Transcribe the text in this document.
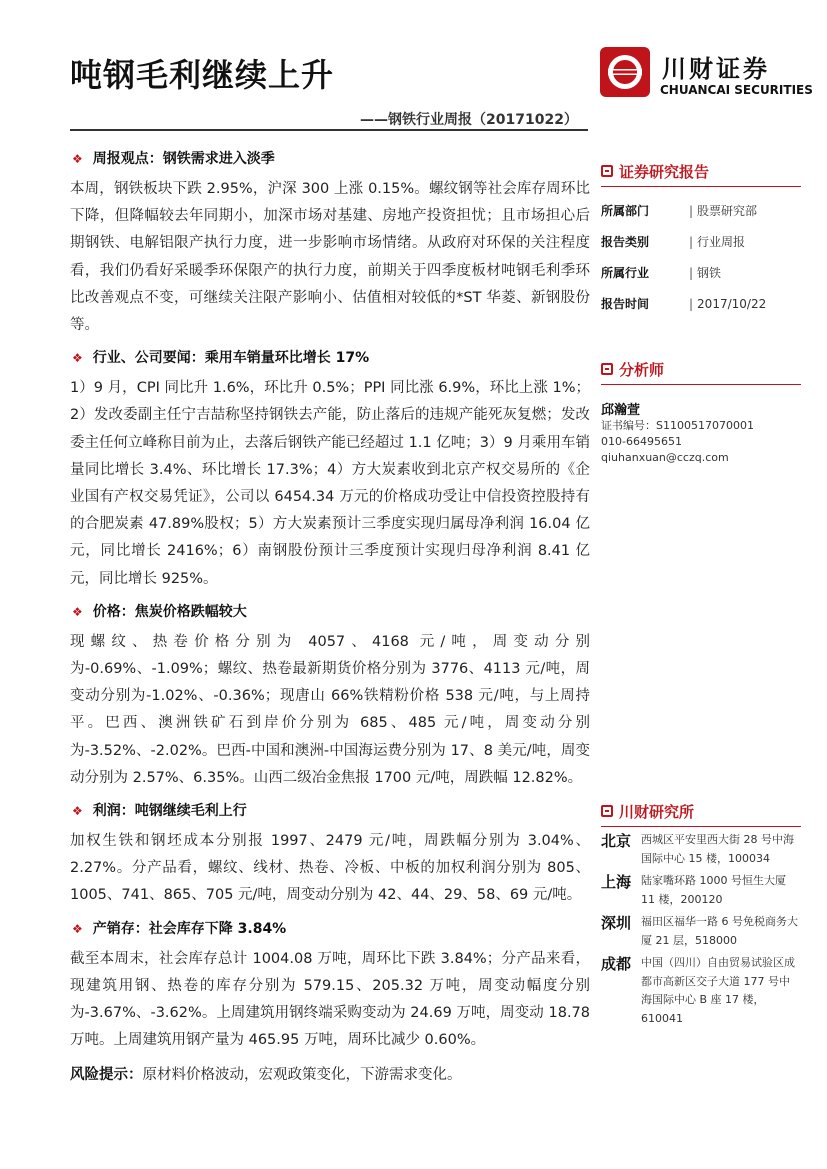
吨钢毛利继续上升
——钢铁行业周报（20171022）
川财证券
CHUANCAI SECURITIES
❖ 周报观点：钢铁需求进入淡季

本周，钢铁板块下跌 2.95%，沪深 300 上涨 0.15%。螺纹钢等社会库存周环比下降，但降幅较去年同期小，加深市场对基建、房地产投资担忧；且市场担心后期钢铁、电解铝限产执行力度，进一步影响市场情绪。从政府对环保的关注程度看，我们仍看好采暖季环保限产的执行力度，前期关于四季度板材吨钢毛利季环比改善观点不变，可继续关注限产影响小、估值相对较低的*ST 华菱、新钢股份等。

❖ 行业、公司要闻：乘用车销量环比增长 17%

1）9 月，CPI 同比升 1.6%，环比升 0.5%；PPI 同比涨 6.9%，环比上涨 1%；2）发改委副主任宁吉喆称坚持钢铁去产能，防止落后的违规产能死灰复燃；发改委主任何立峰称目前为止，去落后钢铁产能已经超过 1.1 亿吨；3）9 月乘用车销量同比增长 3.4%、环比增长 17.3%；4）方大炭素收到北京产权交易所的《企业国有产权交易凭证》，公司以 6454.34 万元的价格成功受让中信投资控股持有的合肥炭素 47.89%股权；5）方大炭素预计三季度实现归属母净利润 16.04 亿元，同比增长 2416%；6）南钢股份预计三季度预计实现归母净利润 8.41 亿元，同比增长 925%。

❖ 价格：焦炭价格跌幅较大

现螺纹、热卷价格分别为 4057、4168 元/吨，周变动分别为-0.69%、-1.09%；螺纹、热卷最新期货价格分别为 3776、4113 元/吨，周变动分别为-1.02%、-0.36%；现唐山 66%铁精粉价格 538 元/吨，与上周持平。巴西、澳洲铁矿石到岸价分别为 685、485 元/吨，周变动分别为-3.52%、-2.02%。巴西-中国和澳洲-中国海运费分别为 17、8 美元/吨，周变动分别为 2.57%、6.35%。山西二级冶金焦报 1700 元/吨，周跌幅 12.82%。

❖ 利润：吨钢继续毛利上行

加权生铁和钢坯成本分别报 1997、2479 元/吨，周跌幅分别为 3.04%、2.27%。分产品看，螺纹、线材、热卷、冷板、中板的加权利润分别为 805、1005、741、865、705 元/吨，周变动分别为 42、44、29、58、69 元/吨。

❖ 产销存：社会库存下降 3.84%

截至本周末，社会库存总计 1004.08 万吨，周环比下跌 3.84%；分产品来看，现建筑用钢、热卷的库存分别为 579.15、205.32 万吨，周变动幅度分别为-3.67%、-3.62%。上周建筑用钢终端采购变动为 24.69 万吨，周变动 18.78 万吨。上周建筑用钢产量为 465.95 万吨，周环比减少 0.60%。

风险提示：原材料价格波动，宏观政策变化，下游需求变化。
证券研究报告
所属部门	| 股票研究部
报告类别	| 行业周报
所属行业	| 钢铁
报告时间	| 2017/10/22
分析师
邱瀚萱
证书编号：S1100517070001
010-66495651
qiuhanxuan@cczq.com
川财研究所
北京 西城区平安里西大街 28 号中海国际中心 15 楼，100034
上海 陆家嘴环路 1000 号恒生大厦 11 楼，200120
深圳 福田区福华一路 6 号免税商务大厦 21 层，518000
成都 中国（四川）自由贸易试验区成都市高新区交子大道 177 号中海国际中心 B 座 17 楼，610041
